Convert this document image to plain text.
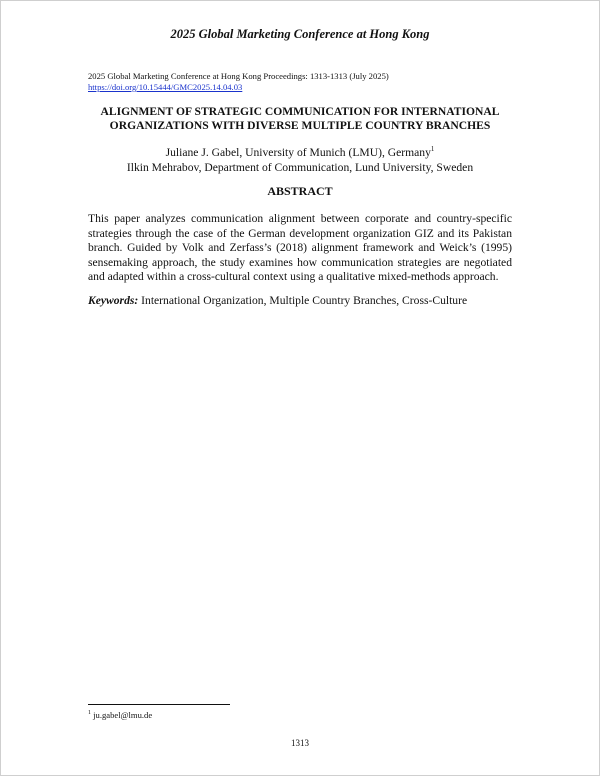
2025 Global Marketing Conference at Hong Kong
2025 Global Marketing Conference at Hong Kong Proceedings: 1313-1313 (July 2025)
https://doi.org/10.15444/GMC2025.14.04.03
ALIGNMENT OF STRATEGIC COMMUNICATION FOR INTERNATIONAL
ORGANIZATIONS WITH DIVERSE MULTIPLE COUNTRY BRANCHES
Juliane J. Gabel, University of Munich (LMU), Germany$^1$
Ilkin Mehrabov, Department of Communication, Lund University, Sweden
ABSTRACT
This paper analyzes communication alignment between corporate and country-specific strategies through the case of the German development organization GIZ and its Pakistan branch. Guided by Volk and Zerfass’s (2018) alignment framework and Weick’s (1995) sensemaking approach, the study examines how communication strategies are negotiated and adapted within a cross-cultural context using a qualitative mixed-methods approach.
Keywords: International Organization, Multiple Country Branches, Cross-Culture
$^1$ ju.gabel@lmu.de
1313
